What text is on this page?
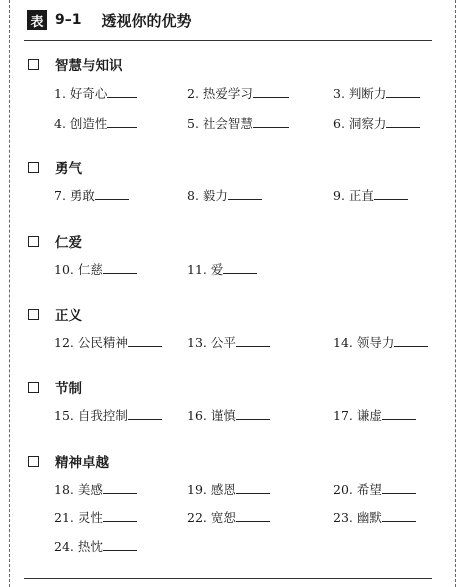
表 9–1 透视你的优势
智慧与知识
1. 好奇心	2. 热爱学习	3. 判断力
4. 创造性	5. 社会智慧	6. 洞察力
勇气
7. 勇敢	8. 毅力	9. 正直
仁爱
10. 仁慈	11. 爱
正义
12. 公民精神	13. 公平	14. 领导力
节制
15. 自我控制	16. 谨慎	17. 谦虚
精神卓越
18. 美感	19. 感恩	20. 希望
21. 灵性	22. 宽恕	23. 幽默
24. 热忱
